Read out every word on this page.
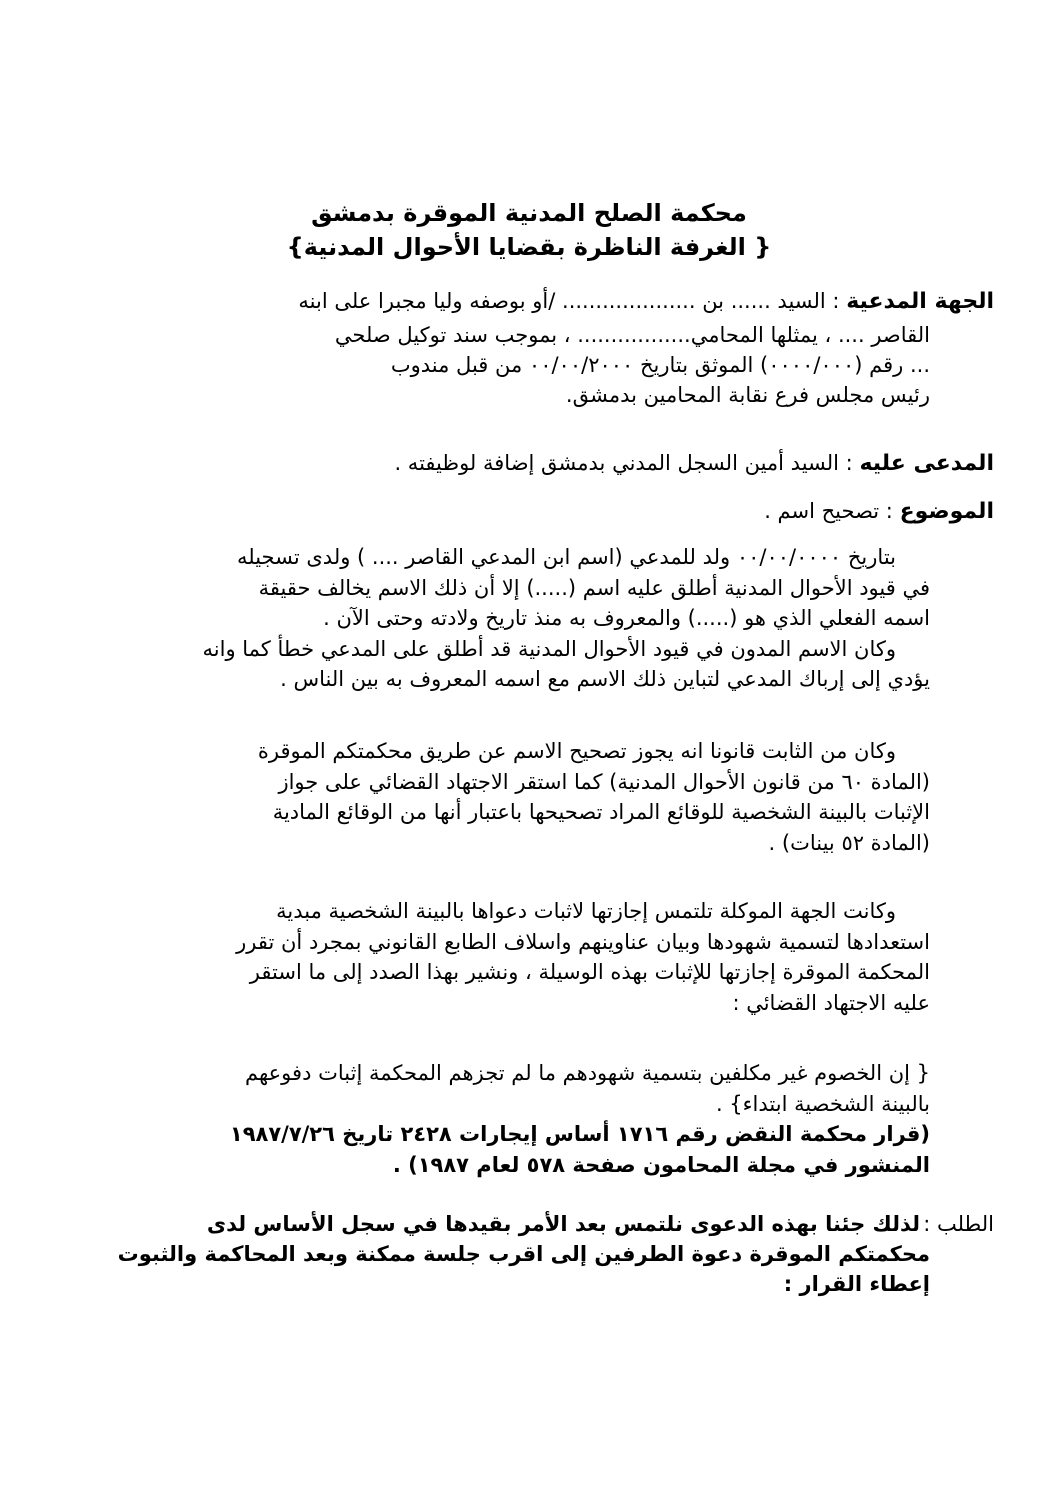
محكمة الصلح المدنية الموقرة بدمشق
{ الغرفة الناظرة بقضايا الأحوال المدنية}
الجهة المدعية : السيد ...... بن .................... /أو بوصفه وليا مجبرا على ابنه
القاصر .... ، يمثلها المحامي................. ، بموجب سند توكيل صلحي
... رقم (٠٠٠٠/٠٠٠) الموثق بتاريخ ٠٠/٠٠/٢٠٠٠ من قبل مندوب
رئيس مجلس فرع نقابة المحامين بدمشق.
المدعى عليه : السيد أمين السجل المدني بدمشق إضافة لوظيفته .
الموضوع : تصحيح اسم .
بتاريخ ٠٠/٠٠/٠٠٠٠ ولد للمدعي (اسم ابن المدعي القاصر .... ) ولدى تسجيله
في قيود الأحوال المدنية أطلق عليه اسم (.....) إلا أن ذلك الاسم يخالف حقيقة
اسمه الفعلي الذي هو (.....) والمعروف به منذ تاريخ ولادته وحتى الآن .
وكان الاسم المدون في قيود الأحوال المدنية قد أطلق على المدعي خطأ كما وانه
يؤدي إلى إرباك المدعي لتباين ذلك الاسم مع اسمه المعروف به بين الناس .
وكان من الثابت قانونا انه يجوز تصحيح الاسم عن طريق محكمتكم الموقرة
(المادة ٦٠ من قانون الأحوال المدنية) كما استقر الاجتهاد القضائي على جواز
الإثبات بالبينة الشخصية للوقائع المراد تصحيحها باعتبار أنها من الوقائع المادية
(المادة ٥٢ بينات) .
وكانت الجهة الموكلة تلتمس إجازتها لاثبات دعواها بالبينة الشخصية مبدية
استعدادها لتسمية شهودها وبيان عناوينهم واسلاف الطابع القانوني بمجرد أن تقرر
المحكمة الموقرة إجازتها للإثبات بهذه الوسيلة ، ونشير بهذا الصدد إلى ما استقر
عليه الاجتهاد القضائي :
{ إن الخصوم غير مكلفين بتسمية شهودهم ما لم تجزهم المحكمة إثبات دفوعهم
بالبينة الشخصية ابتداء} .
(قرار محكمة النقض رقم ١٧١٦ أساس إيجارات ٢٤٢٨ تاريخ ١٩٨٧/٧/٢٦
المنشور في مجلة المحامون صفحة ٥٧٨ لعام ١٩٨٧) .
الطلب :
لذلك جئنا بهذه الدعوى نلتمس بعد الأمر بقيدها في سجل الأساس لدى
محكمتكم الموقرة دعوة الطرفين إلى اقرب جلسة ممكنة وبعد المحاكمة والثبوت
إعطاء القرار :
